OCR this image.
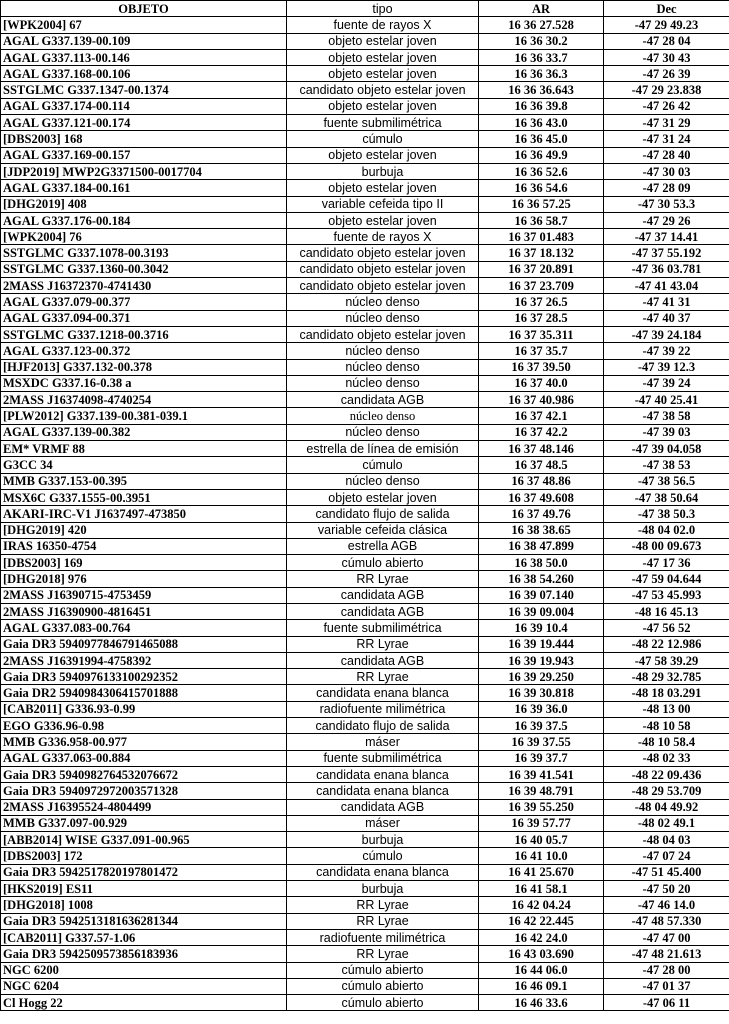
OBJETO	tipo	AR	Dec
[WPK2004] 67	fuente de rayos X	16 36 27.528	-47 29 49.23
AGAL G337.139-00.109	objeto estelar joven	16 36 30.2	-47 28 04
AGAL G337.113-00.146	objeto estelar joven	16 36 33.7	-47 30 43
AGAL G337.168-00.106	objeto estelar joven	16 36 36.3	-47 26 39
SSTGLMC G337.1347-00.1374	candidato objeto estelar joven	16 36 36.643	-47 29 23.838
AGAL G337.174-00.114	objeto estelar joven	16 36 39.8	-47 26 42
AGAL G337.121-00.174	fuente submilimétrica	16 36 43.0	-47 31 29
[DBS2003] 168	cúmulo	16 36 45.0	-47 31 24
AGAL G337.169-00.157	objeto estelar joven	16 36 49.9	-47 28 40
[JDP2019] MWP2G3371500-0017704	burbuja	16 36 52.6	-47 30 03
AGAL G337.184-00.161	objeto estelar joven	16 36 54.6	-47 28 09
[DHG2019] 408	variable cefeida tipo II	16 36 57.25	-47 30 53.3
AGAL G337.176-00.184	objeto estelar joven	16 36 58.7	-47 29 26
[WPK2004] 76	fuente de rayos X	16 37 01.483	-47 37 14.41
SSTGLMC G337.1078-00.3193	candidato objeto estelar joven	16 37 18.132	-47 37 55.192
SSTGLMC G337.1360-00.3042	candidato objeto estelar joven	16 37 20.891	-47 36 03.781
2MASS J16372370-4741430	candidato objeto estelar joven	16 37 23.709	-47 41 43.04
AGAL G337.079-00.377	núcleo denso	16 37 26.5	-47 41 31
AGAL G337.094-00.371	núcleo denso	16 37 28.5	-47 40 37
SSTGLMC G337.1218-00.3716	candidato objeto estelar joven	16 37 35.311	-47 39 24.184
AGAL G337.123-00.372	núcleo denso	16 37 35.7	-47 39 22
[HJF2013] G337.132-00.378	núcleo denso	16 37 39.50	-47 39 12.3
MSXDC G337.16-0.38 a	núcleo denso	16 37 40.0	-47 39 24
2MASS J16374098-4740254	candidata AGB	16 37 40.986	-47 40 25.41
[PLW2012] G337.139-00.381-039.1	núcleo denso	16 37 42.1	-47 38 58
AGAL G337.139-00.382	núcleo denso	16 37 42.2	-47 39 03
EM* VRMF 88	estrella de línea de emisión	16 37 48.146	-47 39 04.058
G3CC 34	cúmulo	16 37 48.5	-47 38 53
MMB G337.153-00.395	núcleo denso	16 37 48.86	-47 38 56.5
MSX6C G337.1555-00.3951	objeto estelar joven	16 37 49.608	-47 38 50.64
AKARI-IRC-V1 J1637497-473850	candidato flujo de salida	16 37 49.76	-47 38 50.3
[DHG2019] 420	variable cefeida clásica	16 38 38.65	-48 04 02.0
IRAS 16350-4754	estrella AGB	16 38 47.899	-48 00 09.673
[DBS2003] 169	cúmulo abierto	16 38 50.0	-47 17 36
[DHG2018] 976	RR Lyrae	16 38 54.260	-47 59 04.644
2MASS J16390715-4753459	candidata AGB	16 39 07.140	-47 53 45.993
2MASS J16390900-4816451	candidata AGB	16 39 09.004	-48 16 45.13
AGAL G337.083-00.764	fuente submilimétrica	16 39 10.4	-47 56 52
Gaia DR3 5940977846791465088	RR Lyrae	16 39 19.444	-48 22 12.986
2MASS J16391994-4758392	candidata AGB	16 39 19.943	-47 58 39.29
Gaia DR3 5940976133100292352	RR Lyrae	16 39 29.250	-48 29 32.785
Gaia DR2 5940984306415701888	candidata enana blanca	16 39 30.818	-48 18 03.291
[CAB2011] G336.93-0.99	radiofuente milimétrica	16 39 36.0	-48 13 00
EGO G336.96-0.98	candidato flujo de salida	16 39 37.5	-48 10 58
MMB G336.958-00.977	máser	16 39 37.55	-48 10 58.4
AGAL G337.063-00.884	fuente submilimétrica	16 39 37.7	-48 02 33
Gaia DR3 5940982764532076672	candidata enana blanca	16 39 41.541	-48 22 09.436
Gaia DR3 5940972972003571328	candidata enana blanca	16 39 48.791	-48 29 53.709
2MASS J16395524-4804499	candidata AGB	16 39 55.250	-48 04 49.92
MMB G337.097-00.929	máser	16 39 57.77	-48 02 49.1
[ABB2014] WISE G337.091-00.965	burbuja	16 40 05.7	-48 04 03
[DBS2003] 172	cúmulo	16 41 10.0	-47 07 24
Gaia DR3 5942517820197801472	candidata enana blanca	16 41 25.670	-47 51 45.400
[HKS2019] ES11	burbuja	16 41 58.1	-47 50 20
[DHG2018] 1008	RR Lyrae	16 42 04.24	-47 46 14.0
Gaia DR3 5942513181636281344	RR Lyrae	16 42 22.445	-47 48 57.330
[CAB2011] G337.57-1.06	radiofuente milimétrica	16 42 24.0	-47 47 00
Gaia DR3 5942509573856183936	RR Lyrae	16 43 03.690	-47 48 21.613
NGC 6200	cúmulo abierto	16 44 06.0	-47 28 00
NGC 6204	cúmulo abierto	16 46 09.1	-47 01 37
Cl Hogg 22	cúmulo abierto	16 46 33.6	-47 06 11
